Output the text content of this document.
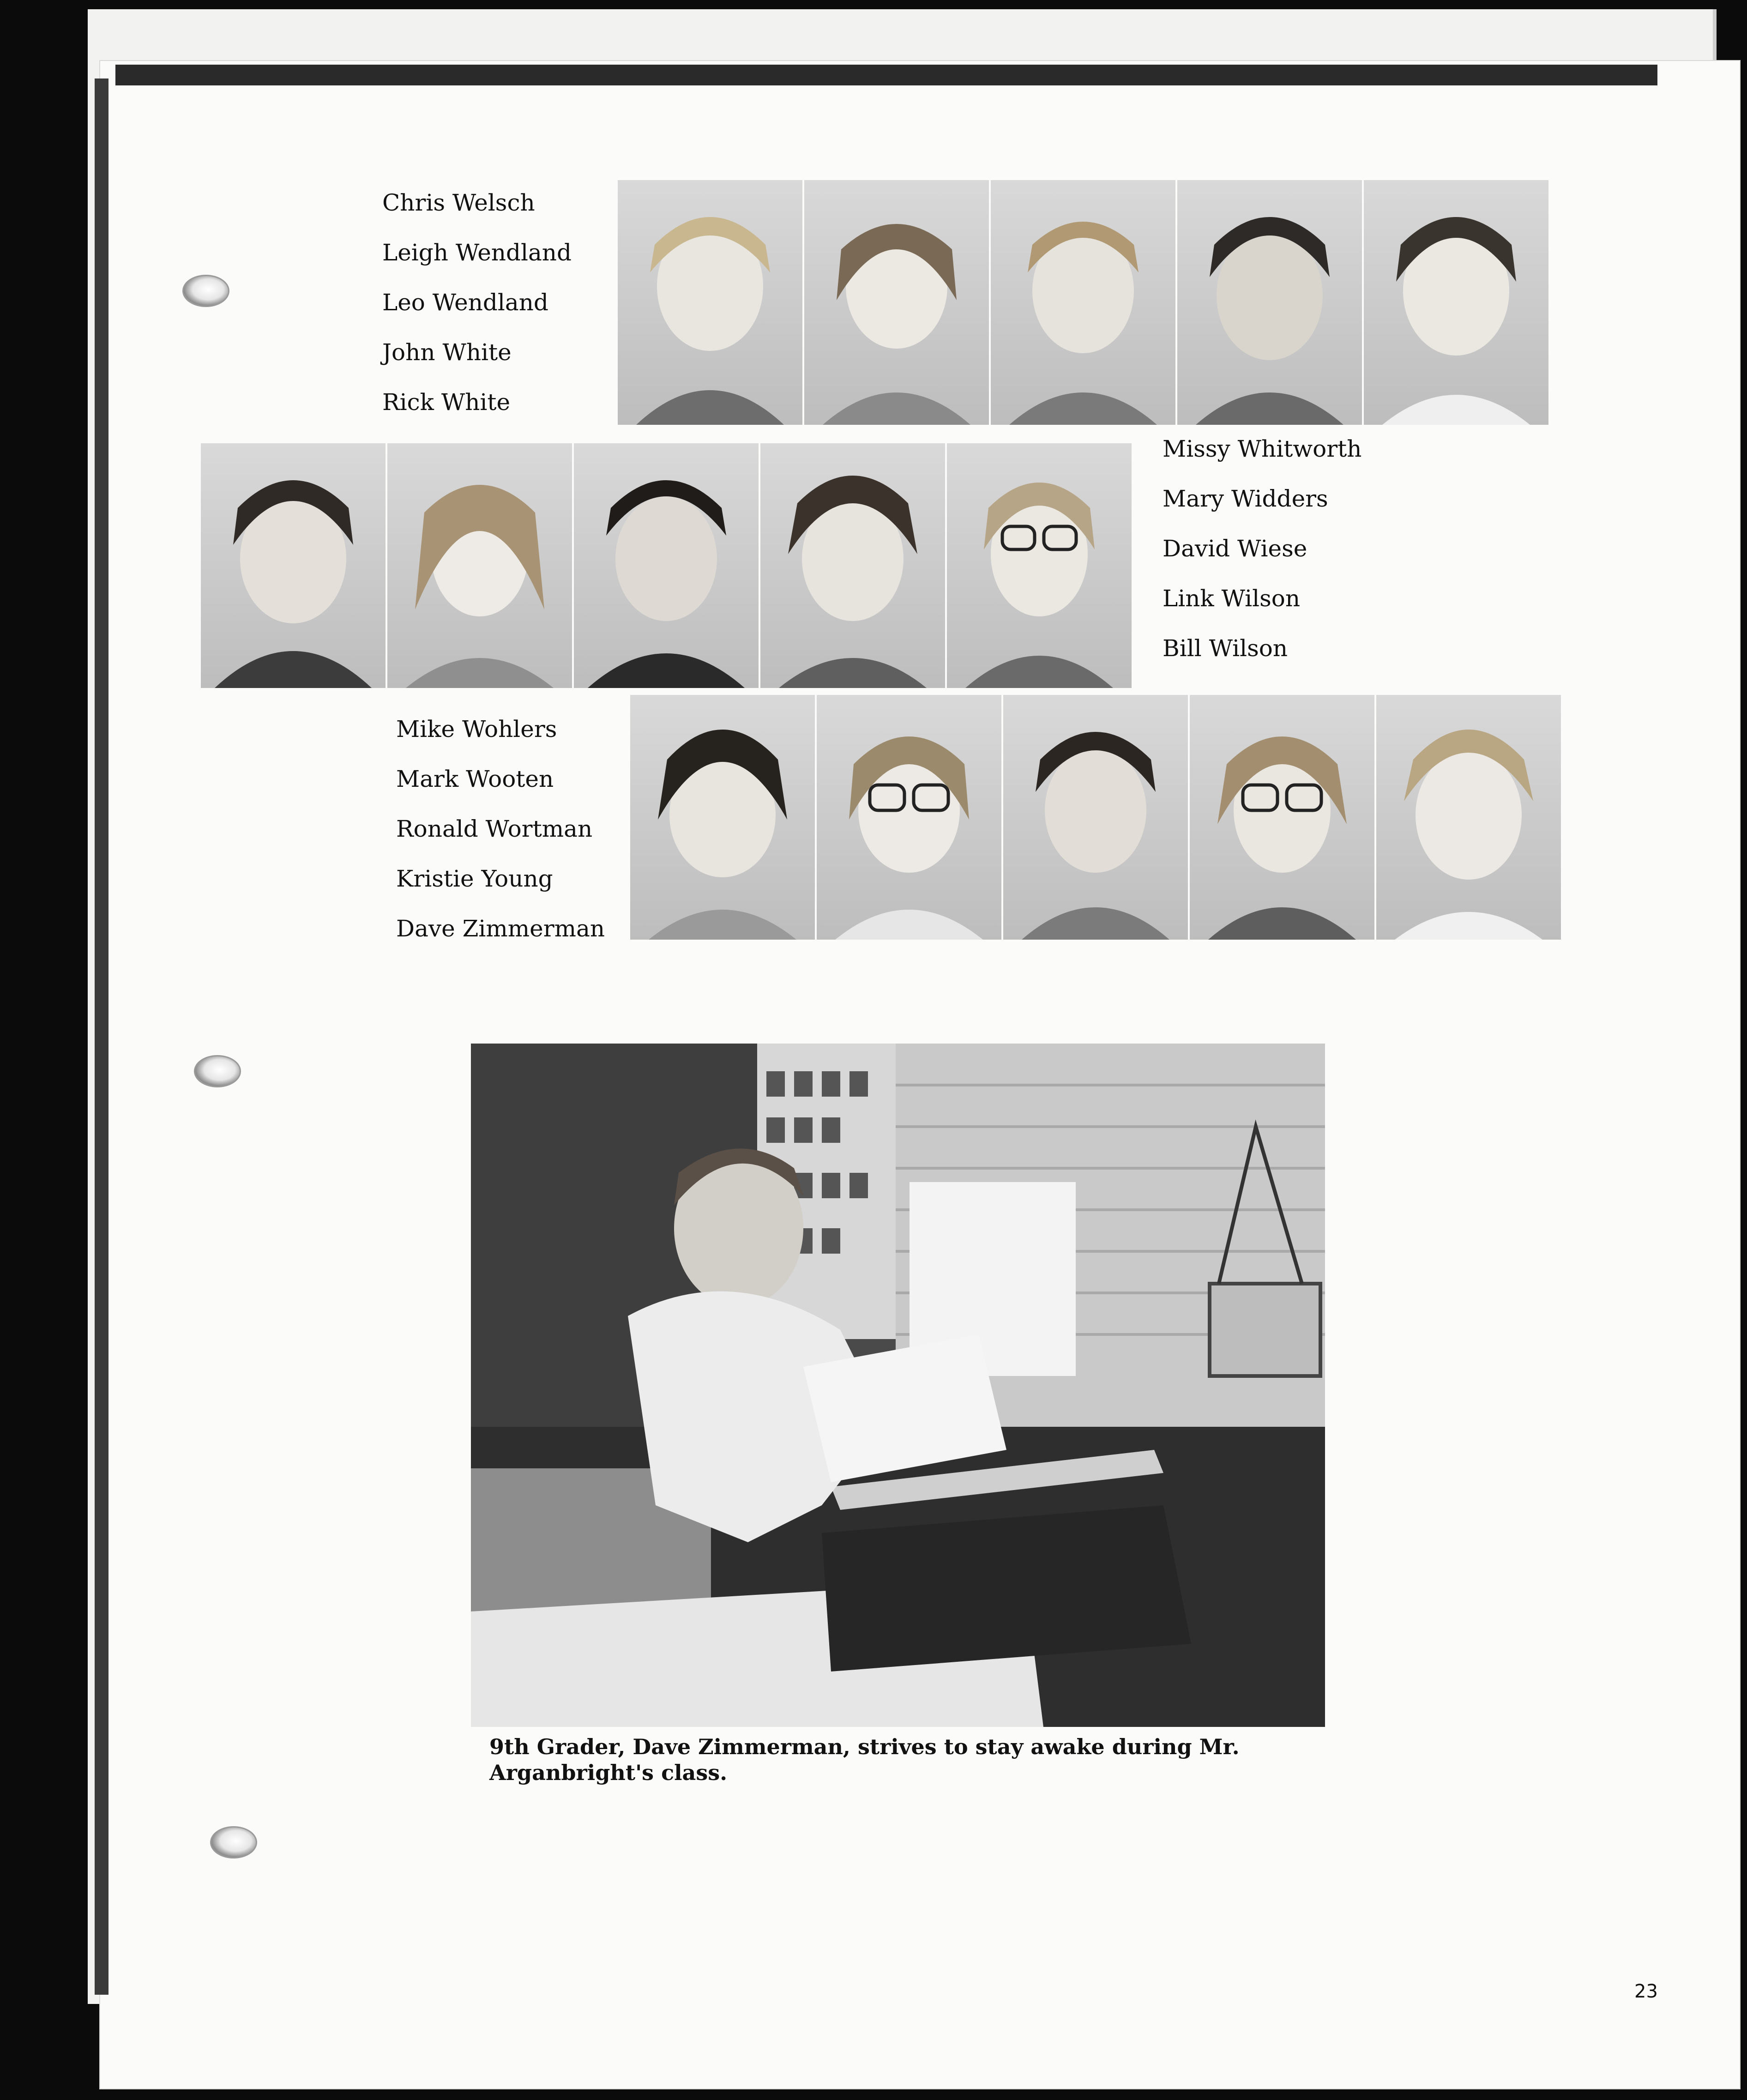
Chris Welsch
Leigh Wendland
Leo Wendland
John White
Rick White
Missy Whitworth
Mary Widders
David Wiese
Link Wilson
Bill Wilson
Mike Wohlers
Mark Wooten
Ronald Wortman
Kristie Young
Dave Zimmerman
9th Grader, Dave Zimmerman, strives to stay awake during Mr. Arganbright's class.
23
